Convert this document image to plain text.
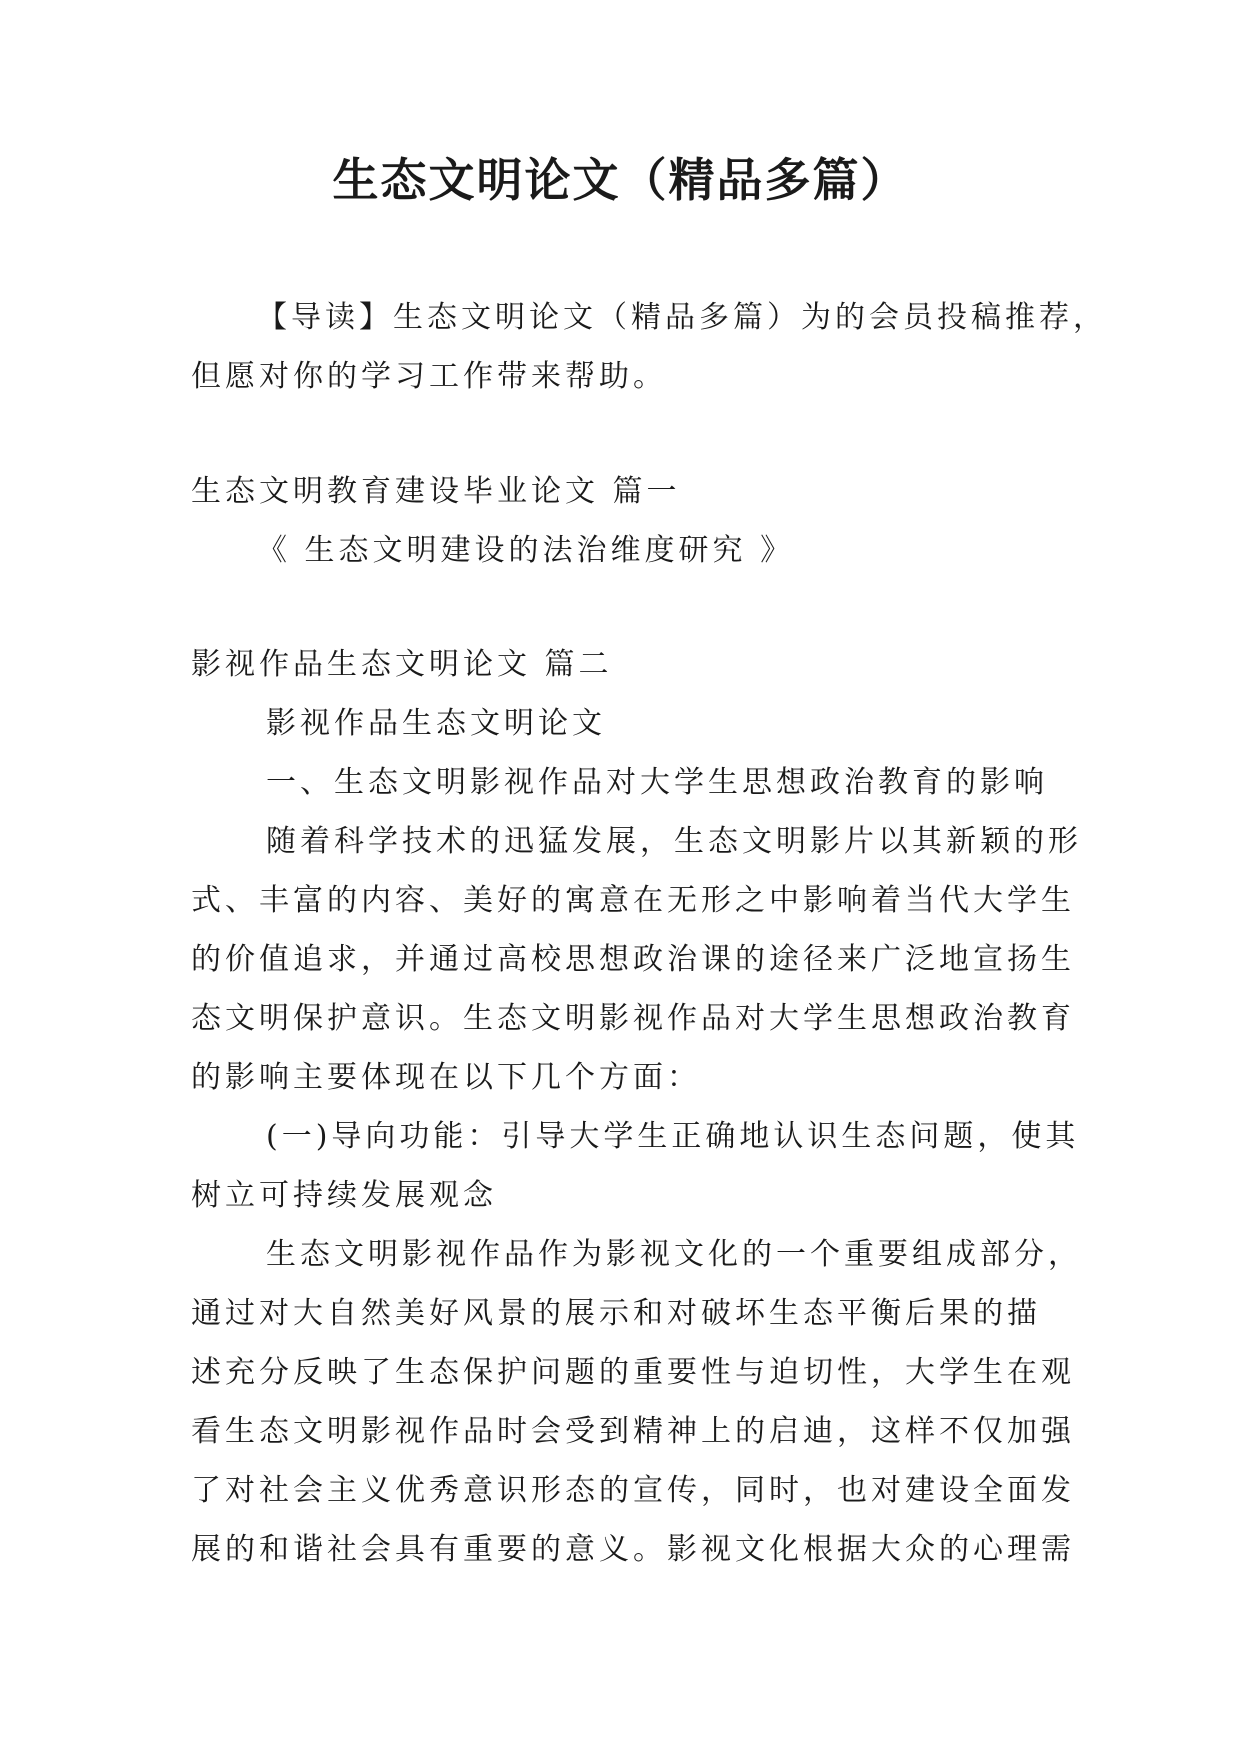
生态文明论文（精品多篇）
【导读】生态文明论文（精品多篇）为的会员投稿推荐，
但愿对你的学习工作带来帮助。
生态文明教育建设毕业论文 篇一
《 生态文明建设的法治维度研究 》
影视作品生态文明论文 篇二
影视作品生态文明论文
一、生态文明影视作品对大学生思想政治教育的影响
随着科学技术的迅猛发展，生态文明影片以其新颖的形
式、丰富的内容、美好的寓意在无形之中影响着当代大学生
的价值追求，并通过高校思想政治课的途径来广泛地宣扬生
态文明保护意识。生态文明影视作品对大学生思想政治教育
的影响主要体现在以下几个方面：
(一)导向功能：引导大学生正确地认识生态问题，使其
树立可持续发展观念
生态文明影视作品作为影视文化的一个重要组成部分，
通过对大自然美好风景的展示和对破坏生态平衡后果的描
述充分反映了生态保护问题的重要性与迫切性，大学生在观
看生态文明影视作品时会受到精神上的启迪，这样不仅加强
了对社会主义优秀意识形态的宣传，同时，也对建设全面发
展的和谐社会具有重要的意义。影视文化根据大众的心理需
